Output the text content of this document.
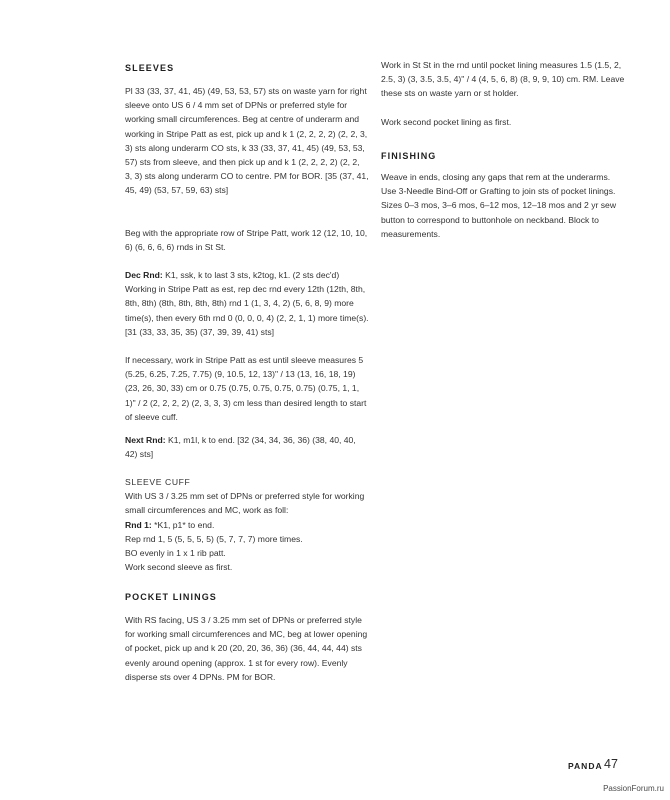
SLEEVES

Pl 33 (33, 37, 41, 45) (49, 53, 53, 57) sts on waste yarn for right sleeve onto US 6 / 4 mm set of DPNs or preferred style for working small circumferences. Beg at centre of underarm and working in Stripe Patt as est, pick up and k 1 (2, 2, 2, 2) (2, 2, 3, 3) sts along underarm CO sts, k 33 (33, 37, 41, 45) (49, 53, 53, 57) sts from sleeve, and then pick up and k 1 (2, 2, 2, 2) (2, 2, 3, 3) sts along underarm CO to centre. PM for BOR. [35 (37, 41, 45, 49) (53, 57, 59, 63) sts]

Beg with the appropriate row of Stripe Patt, work 12 (12, 10, 10, 6) (6, 6, 6, 6) rnds in St St.

Dec Rnd: K1, ssk, k to last 3 sts, k2tog, k1. (2 sts dec'd) Working in Stripe Patt as est, rep dec rnd every 12th (12th, 8th, 8th, 8th) (8th, 8th, 8th, 8th) rnd 1 (1, 3, 4, 2) (5, 6, 8, 9) more time(s), then every 6th rnd 0 (0, 0, 0, 4) (2, 2, 1, 1) more time(s). [31 (33, 33, 35, 35) (37, 39, 39, 41) sts]

If necessary, work in Stripe Patt as est until sleeve measures 5 (5.25, 6.25, 7.25, 7.75) (9, 10.5, 12, 13)" / 13 (13, 16, 18, 19) (23, 26, 30, 33) cm or 0.75 (0.75, 0.75, 0.75, 0.75) (0.75, 1, 1, 1)" / 2 (2, 2, 2, 2) (2, 3, 3, 3) cm less than desired length to start of sleeve cuff.

Next Rnd: K1, m1l, k to end. [32 (34, 34, 36, 36) (38, 40, 40, 42) sts]

SLEEVE CUFF
With US 3 / 3.25 mm set of DPNs or preferred style for working small circumferences and MC, work as foll:
Rnd 1: *K1, p1* to end.
Rep rnd 1, 5 (5, 5, 5, 5) (5, 7, 7, 7) more times.
BO evenly in 1 x 1 rib patt.
Work second sleeve as first.
POCKET LININGS

With RS facing, US 3 / 3.25 mm set of DPNs or preferred style for working small circumferences and MC, beg at lower opening of pocket, pick up and k 20 (20, 20, 36, 36) (36, 44, 44, 44) sts evenly around opening (approx. 1 st for every row). Evenly disperse sts over 4 DPNs. PM for BOR.

Work in St St in the rnd until pocket lining measures 1.5 (1.5, 2, 2.5, 3) (3, 3.5, 3.5, 4)" / 4 (4, 5, 6, 8) (8, 9, 9, 10) cm. RM. Leave these sts on waste yarn or st holder.

Work second pocket lining as first.

FINISHING

Weave in ends, closing any gaps that rem at the underarms. Use 3-Needle Bind-Off or Grafting to join sts of pocket linings. Sizes 0–3 mos, 3–6 mos, 6–12 mos, 12–18 mos and 2 yr sew button to correspond to buttonhole on neckband. Block to measurements.

PANDA 47
PassionForum.ru
